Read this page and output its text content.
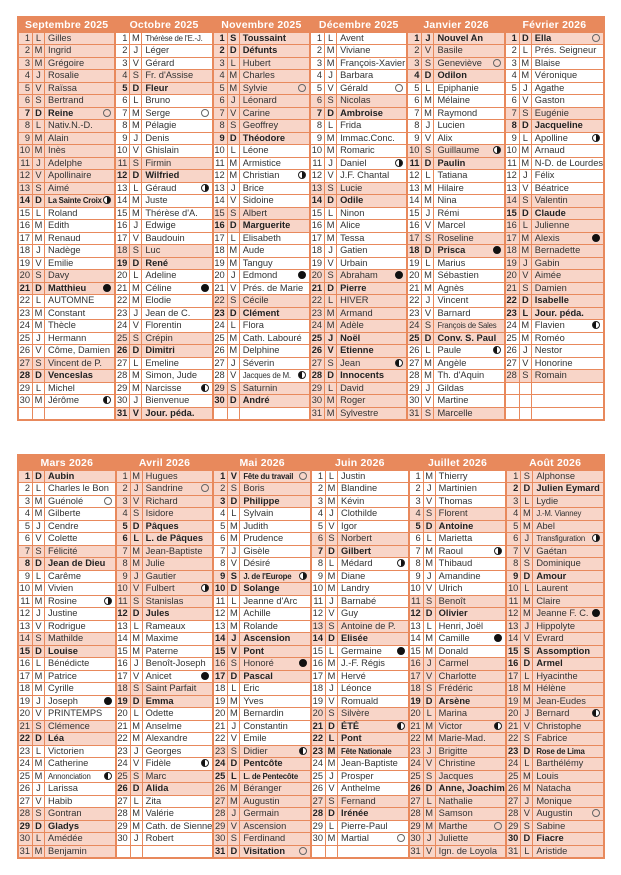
Septembre 2025
1 L Gilles
2 M Ingrid
3 M Grégoire
4 J Rosalie
5 V Raïssa
6 S Bertrand
7 D Reine
8 L Nativ.N.-D.
9 M Alain
10 M Inès
11 J Adelphe
12 V Apollinaire
13 S Aimé
14 D La Sainte Croix
15 L Roland
16 M Edith
17 M Renaud
18 J Nadège
19 V Emilie
20 S Davy
21 D Matthieu
22 L AUTOMNE
23 M Constant
24 M Thècle
25 J Hermann
26 V Côme, Damien
27 S Vincent de P.
28 D Venceslas
29 L Michel
30 M Jérôme
Octobre 2025
1 M Thérèse de l'E.-J.
2 J Léger
3 V Gérard
4 S Fr. d'Assise
5 D Fleur
6 L Bruno
7 M Serge
8 M Pélagie
9 J Denis
10 V Ghislain
11 S Firmin
12 D Wilfried
13 L Géraud
14 M Juste
15 M Thérèse d'A.
16 J Edwige
17 V Baudouin
18 S Luc
19 D René
20 L Adeline
21 M Céline
22 M Elodie
23 J Jean de C.
24 V Florentin
25 S Crépin
26 D Dimitri
27 L Emeline
28 M Simon, Jude
29 M Narcisse
30 J Bienvenue
31 V Jour. péda.
Novembre 2025
1 S Toussaint
2 D Défunts
3 L Hubert
4 M Charles
5 M Sylvie
6 J Léonard
7 V Carine
8 S Geoffrey
9 D Théodore
10 L Léone
11 M Armistice
12 M Christian
13 J Brice
14 V Sidoine
15 S Albert
16 D Marguerite
17 L Elisabeth
18 M Aude
19 M Tanguy
20 J Edmond
21 V Prés. de Marie
22 S Cécile
23 D Clément
24 L Flora
25 M Cath. Labouré
26 M Delphine
27 J Séverin
28 V Jacques de M.
29 S Saturnin
30 D André
Décembre 2025
1 L Avent
2 M Viviane
3 M François-Xavier
4 J Barbara
5 V Gérald
6 S Nicolas
7 D Ambroise
8 L Frida
9 M Immac.Conc.
10 M Romaric
11 J Daniel
12 V J.F. Chantal
13 S Lucie
14 D Odile
15 L Ninon
16 M Alice
17 M Tessa
18 J Gatien
19 V Urbain
20 S Abraham
21 D Pierre
22 L HIVER
23 M Armand
24 M Adèle
25 J Noël
26 V Etienne
27 S Jean
28 D Innocents
29 L David
30 M Roger
31 M Sylvestre
Janvier 2026
1 J Nouvel An
2 V Basile
3 S Geneviève
4 D Odilon
5 L Epiphanie
6 M Mélaine
7 M Raymond
8 J Lucien
9 V Alix
10 S Guillaume
11 D Paulin
12 L Tatiana
13 M Hilaire
14 M Nina
15 J Rémi
16 V Marcel
17 S Roseline
18 D Prisca
19 L Marius
20 M Sébastien
21 M Agnès
22 J Vincent
23 V Barnard
24 S François de Sales
25 D Conv. S. Paul
26 L Paule
27 M Angèle
28 M Th. d'Aquin
29 J Gildas
30 V Martine
31 S Marcelle
Février 2026
1 D Ella
2 L Prés. Seigneur
3 M Blaise
4 M Véronique
5 J Agathe
6 V Gaston
7 S Eugénie
8 D Jacqueline
9 L Apolline
10 M Arnaud
11 M N-D. de Lourdes
12 J Félix
13 V Béatrice
14 S Valentin
15 D Claude
16 L Julienne
17 M Alexis
18 M Bernadette
19 J Gabin
20 V Aimée
21 S Damien
22 D Isabelle
23 L Jour. péda.
24 M Flavien
25 M Roméo
26 J Nestor
27 V Honorine
28 S Romain
Mars 2026
1 D Aubin
2 L Charles le Bon
3 M Guénolé
4 M Gilberte
5 J Cendre
6 V Colette
7 S Félicité
8 D Jean de Dieu
9 L Carême
10 M Vivien
11 M Rosine
12 J Justine
13 V Rodrigue
14 S Mathilde
15 D Louise
16 L Bénédicte
17 M Patrice
18 M Cyrille
19 J Joseph
20 V PRINTEMPS
21 S Clémence
22 D Léa
23 L Victorien
24 M Catherine
25 M Annonciation
26 J Larissa
27 V Habib
28 S Gontran
29 D Gladys
30 L Amédée
31 M Benjamin
Avril 2026
1 M Hugues
2 J Sandrine
3 V Richard
4 S Isidore
5 D Pâques
6 L L. de Pâques
7 M Jean-Baptiste
8 M Julie
9 J Gautier
10 V Fulbert
11 S Stanislas
12 D Jules
13 L Rameaux
14 M Maxime
15 M Paterne
16 J Benoît-Joseph
17 V Anicet
18 S Saint Parfait
19 D Emma
20 L Odette
21 M Anselme
22 M Alexandre
23 J Georges
24 V Fidèle
25 S Marc
26 D Alida
27 L Zita
28 M Valérie
29 M Cath. de Sienne
30 J Robert
Mai 2026
1 V Fête du travail
2 S Boris
3 D Philippe
4 L Sylvain
5 M Judith
6 M Prudence
7 J Gisèle
8 V Désiré
9 S J. de l'Europe
10 D Solange
11 L Jeanne d'Arc
12 M Achille
13 M Rolande
14 J Ascension
15 V Pont
16 S Honoré
17 D Pascal
18 L Eric
19 M Yves
20 M Bernardin
21 J Constantin
22 V Emile
23 S Didier
24 D Pentcôte
25 L L. de Pentecôte
26 M Béranger
27 M Augustin
28 J Germain
29 V Ascension
30 S Ferdinand
31 D Visitation
Juin 2026
1 L Justin
2 M Blandine
3 M Kévin
4 J Clothilde
5 V Igor
6 S Norbert
7 D Gilbert
8 L Médard
9 M Diane
10 M Landry
11 J Barnabé
12 V Guy
13 S Antoine de P.
14 D Elisée
15 L Germaine
16 M J.-F. Régis
17 M Hervé
18 J Léonce
19 V Romuald
20 S Silvère
21 D ÉTÉ
22 L Pont
23 M Fête Nationale
24 M Jean-Baptiste
25 J Prosper
26 V Anthelme
27 S Fernand
28 D Irénée
29 L Pierre-Paul
30 M Martial
Juillet 2026
1 M Thierry
2 J Martinien
3 V Thomas
4 S Florent
5 D Antoine
6 L Marietta
7 M Raoul
8 M Thibaud
9 J Amandine
10 V Ulrich
11 S Benoît
12 D Olivier
13 L Henri, Joël
14 M Camille
15 M Donald
16 J Carmel
17 V Charlotte
18 S Frédéric
19 D Arsène
20 L Marina
21 M Victor
22 M Marie-Mad.
23 J Brigitte
24 V Christine
25 S Jacques
26 D Anne, Joachim
27 L Nathalie
28 M Samson
29 M Marthe
30 J Juliette
31 V Ign. de Loyola
Août 2026
1 S Alphonse
2 D Julien Eymard
3 L Lydie
4 M J.-M. Vianney
5 M Abel
6 J Transfiguration
7 V Gaétan
8 S Dominique
9 D Amour
10 L Laurent
11 M Claire
12 M Jeanne F. C.
13 J Hippolyte
14 V Evrard
15 S Assomption
16 D Armel
17 L Hyacinthe
18 M Hélène
19 M Jean-Eudes
20 J Bernard
21 V Christophe
22 S Fabrice
23 D Rose de Lima
24 L Barthélémy
25 M Louis
26 M Natacha
27 J Monique
28 V Augustin
29 S Sabine
30 D Fiacre
31 L Aristide
